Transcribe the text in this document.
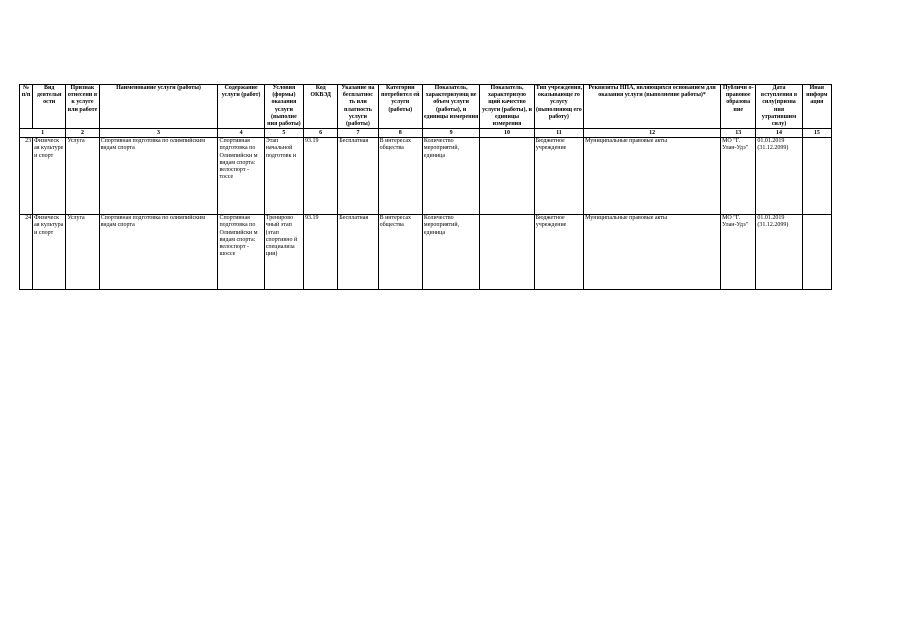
№ п/п	Вид деятельн ости	Признак отнесени я к услуге или работе	Наименование услуги (работы)	Содержание услуги (работ)	Условия (формы) оказания услуги (выполне ния работы)	Код ОКВЭД	Указание на бесплатнос ть или платность услуги (работы)	Категории потребител ей услуги (работы)	Показатель, характеризующ ие объем услуги (работы), и единицы измерения	Показатель, характеризую щий качество услуги (работы), и единицы измерения	Тип учреждения, оказывающе го услугу (выполняющ его работу)	Реквизиты НПА, являющихся основанием для оказания услуги (выполнение работы)*	Публичн о-правовое образова ние	Дата вступления в силу(призна ния утратившим силу)	Иная информ ация
1		2	3	4	5	6	7	8	9	10	11	12	13	14	15
23	Физическ ая культуре и спорт	Услуга	Спортивная подготовка по олимпийским видам спорта	Спортивная подготовка по Олимпийски м видам спорта: велоспорт - тоссе	Этап начальной подготовк и	93.19	Бесплатная	В интересах общества	Количество мероприятий, единица		Бюджетное учреждение	Муниципальные правовые акты	МО "Г. Улан-Удэ"	01.01.2019 (31.12.2099)	
24	Физическ ая культура и спорт	Услуга	Спортивная подготовка по олимпийским видам спорта	Спортивная подготовка по Олимпийски м видам спорта: велоспорт - шоссе	Тренирово чный этап (этап спортивно й специализа ции)	93.19	Бесплатная	В интересах общества	Количество мероприятий, единица		Бюджетное учреждение	Муниципальные правовые акты	МО "Г. Улан-Удэ"	01.01.2019 (31.12.2099)	
